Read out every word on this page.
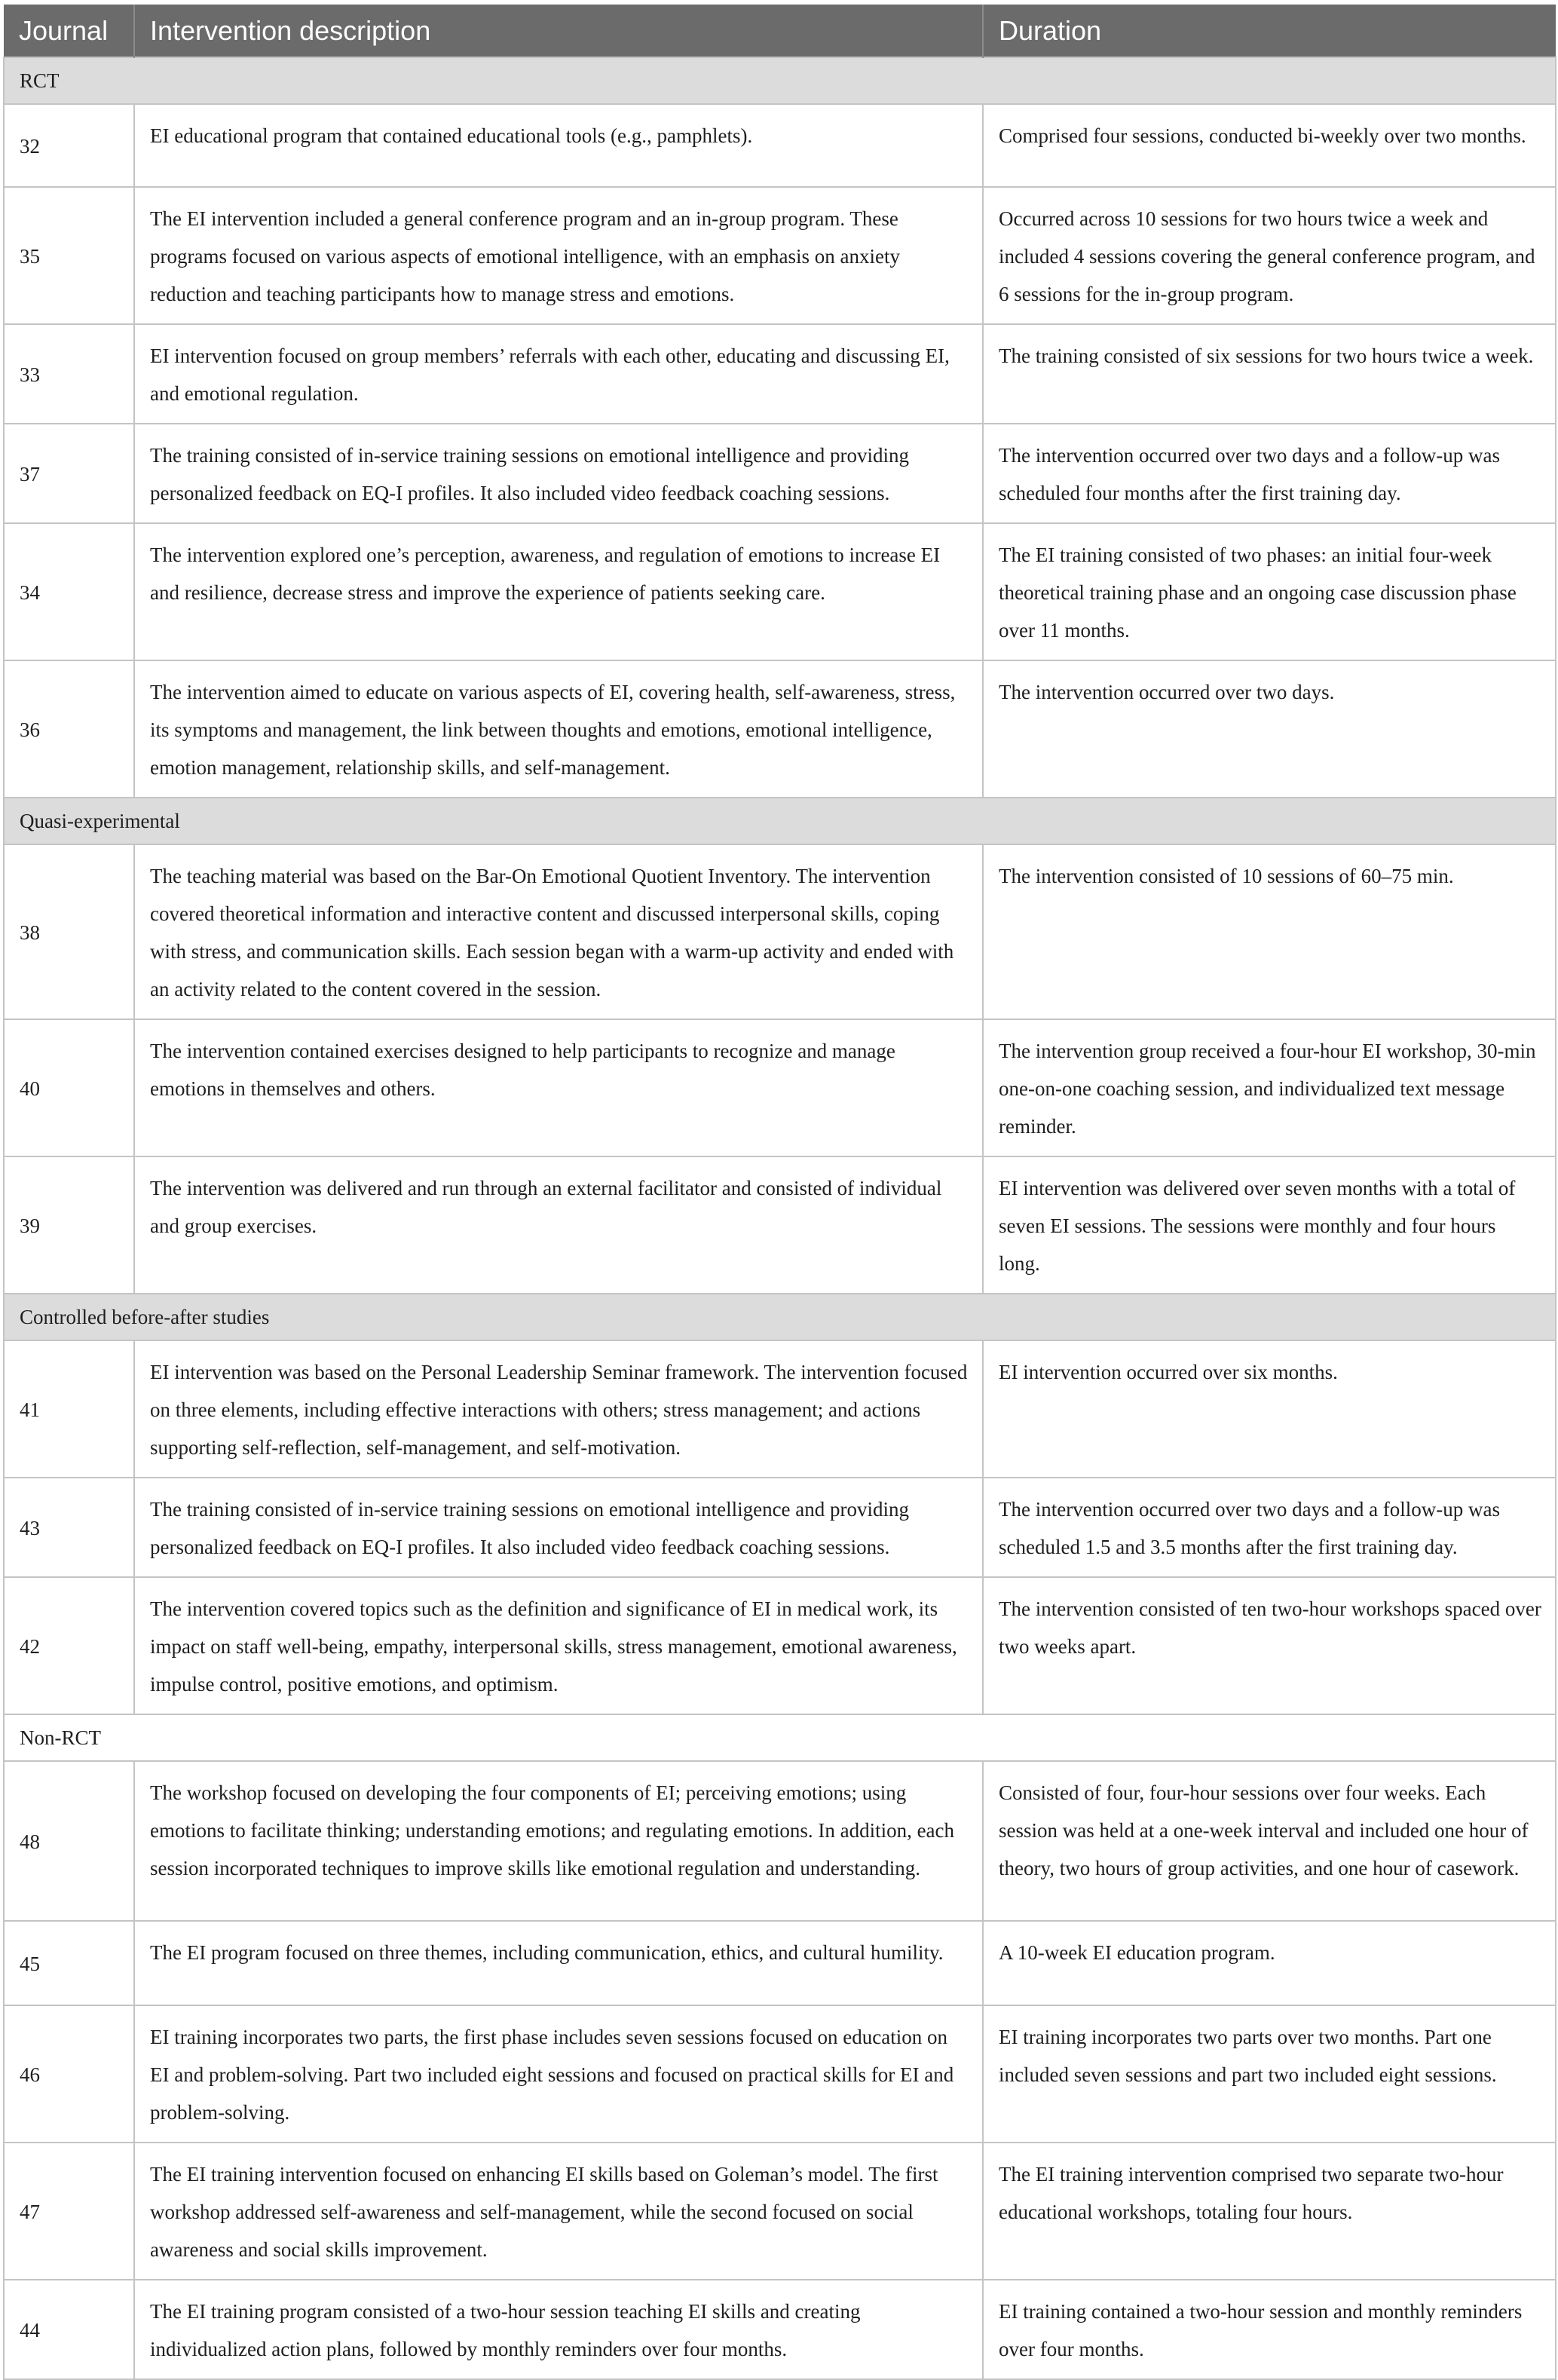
Journal	Intervention description	Duration
RCT		
32	EI educational program that contained educational tools (e.g., pamphlets).	Comprised four sessions, conducted bi-weekly over two months.
35	The EI intervention included a general conference program and an in-group program. These programs focused on various aspects of emotional intelligence, with an emphasis on anxiety reduction and teaching participants how to manage stress and emotions.	Occurred across 10 sessions for two hours twice a week and included 4 sessions covering the general conference program, and 6 sessions for the in-group program.
33	EI intervention focused on group members’ referrals with each other, educating and discussing EI, and emotional regulation.	The training consisted of six sessions for two hours twice a week.
37	The training consisted of in-service training sessions on emotional intelligence and providing personalized feedback on EQ-I profiles. It also included video feedback coaching sessions.	The intervention occurred over two days and a follow-up was scheduled four months after the first training day.
34	The intervention explored one’s perception, awareness, and regulation of emotions to increase EI and resilience, decrease stress and improve the experience of patients seeking care.	The EI training consisted of two phases: an initial four-week theoretical training phase and an ongoing case discussion phase over 11 months.
36	The intervention aimed to educate on various aspects of EI, covering health, self-awareness, stress, its symptoms and management, the link between thoughts and emotions, emotional intelligence, emotion management, relationship skills, and self-management.	The intervention occurred over two days.
Quasi-experimental		
38	The teaching material was based on the Bar-On Emotional Quotient Inventory. The intervention covered theoretical information and interactive content and discussed interpersonal skills, coping with stress, and communication skills. Each session began with a warm-up activity and ended with an activity related to the content covered in the session.	The intervention consisted of 10 sessions of 60–75 min.
40	The intervention contained exercises designed to help participants to recognize and manage emotions in themselves and others.	The intervention group received a four-hour EI workshop, 30-min one-on-one coaching session, and individualized text message reminder.
39	The intervention was delivered and run through an external facilitator and consisted of individual and group exercises.	EI intervention was delivered over seven months with a total of seven EI sessions. The sessions were monthly and four hours long.
Controlled before-after studies		
41	EI intervention was based on the Personal Leadership Seminar framework. The intervention focused on three elements, including effective interactions with others; stress management; and actions supporting self-reflection, self-management, and self-motivation.	EI intervention occurred over six months.
43	The training consisted of in-service training sessions on emotional intelligence and providing personalized feedback on EQ-I profiles. It also included video feedback coaching sessions.	The intervention occurred over two days and a follow-up was scheduled 1.5 and 3.5 months after the first training day.
42	The intervention covered topics such as the definition and significance of EI in medical work, its impact on staff well-being, empathy, interpersonal skills, stress management, emotional awareness, impulse control, positive emotions, and optimism.	The intervention consisted of ten two-hour workshops spaced over two weeks apart.
Non-RCT		
48	The workshop focused on developing the four components of EI; perceiving emotions; using emotions to facilitate thinking; understanding emotions; and regulating emotions. In addition, each session incorporated techniques to improve skills like emotional regulation and understanding.	Consisted of four, four-hour sessions over four weeks. Each session was held at a one-week interval and included one hour of theory, two hours of group activities, and one hour of casework.
45	The EI program focused on three themes, including communication, ethics, and cultural humility.	A 10-week EI education program.
46	EI training incorporates two parts, the first phase includes seven sessions focused on education on EI and problem-solving. Part two included eight sessions and focused on practical skills for EI and problem-solving.	EI training incorporates two parts over two months. Part one included seven sessions and part two included eight sessions.
47	The EI training intervention focused on enhancing EI skills based on Goleman’s model. The first workshop addressed self-awareness and self-management, while the second focused on social awareness and social skills improvement.	The EI training intervention comprised two separate two-hour educational workshops, totaling four hours.
44	The EI training program consisted of a two-hour session teaching EI skills and creating individualized action plans, followed by monthly reminders over four months.	EI training contained a two-hour session and monthly reminders over four months.
